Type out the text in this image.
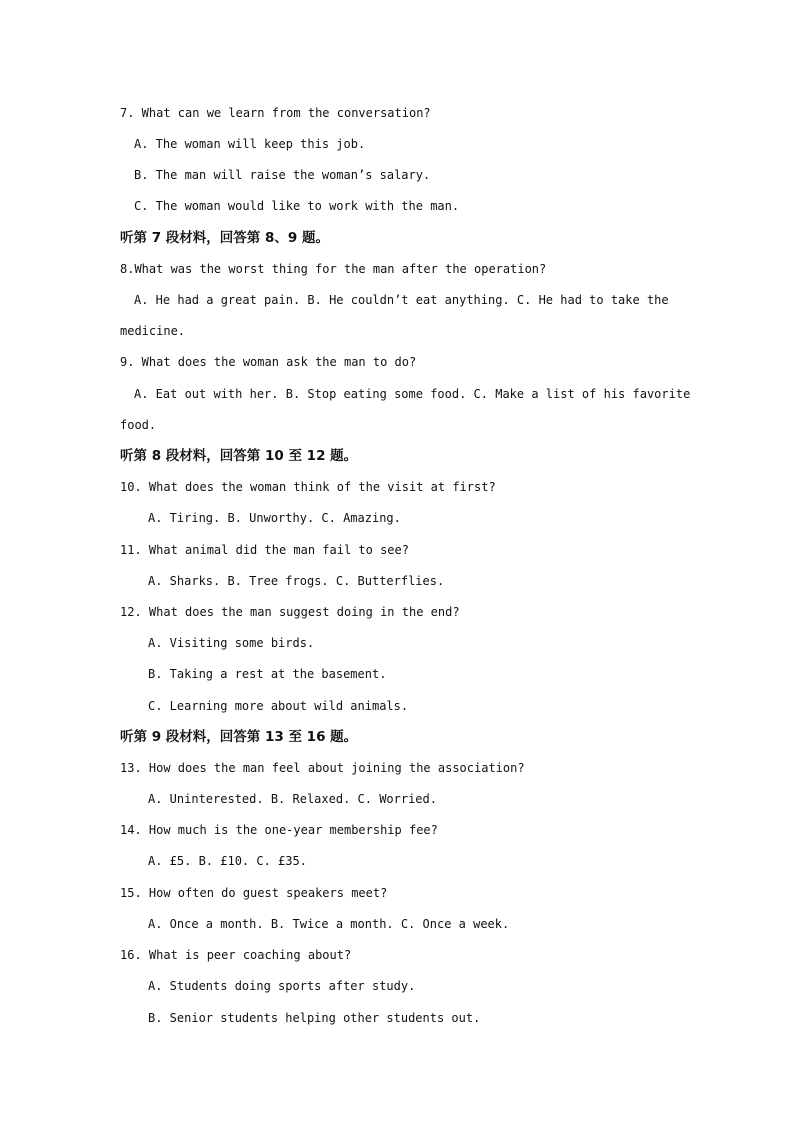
7. What can we learn from the conversation?
A. The woman will keep this job.
B. The man will raise the woman’s salary.
C. The woman would like to work with the man.
听第 7 段材料，回答第 8、9 题。
8.What was the worst thing for the man after the operation?
A. He had a great pain. B. He couldn’t eat anything. C. He had to take the
medicine.
9. What does the woman ask the man to do?
A. Eat out with her. B. Stop eating some food. C. Make a list of his favorite
food.
听第 8 段材料，回答第 10 至 12 题。
10. What does the woman think of the visit at first?
A. Tiring. B. Unworthy. C. Amazing.
11. What animal did the man fail to see?
A. Sharks. B. Tree frogs. C. Butterflies.
12. What does the man suggest doing in the end?
A. Visiting some birds.
B. Taking a rest at the basement.
C. Learning more about wild animals.
听第 9 段材料，回答第 13 至 16 题。
13. How does the man feel about joining the association?
A. Uninterested. B. Relaxed. C. Worried.
14. How much is the one-year membership fee?
A. £5. B. £10. C. £35.
15. How often do guest speakers meet?
A. Once a month. B. Twice a month. C. Once a week.
16. What is peer coaching about?
A. Students doing sports after study.
B. Senior students helping other students out.
